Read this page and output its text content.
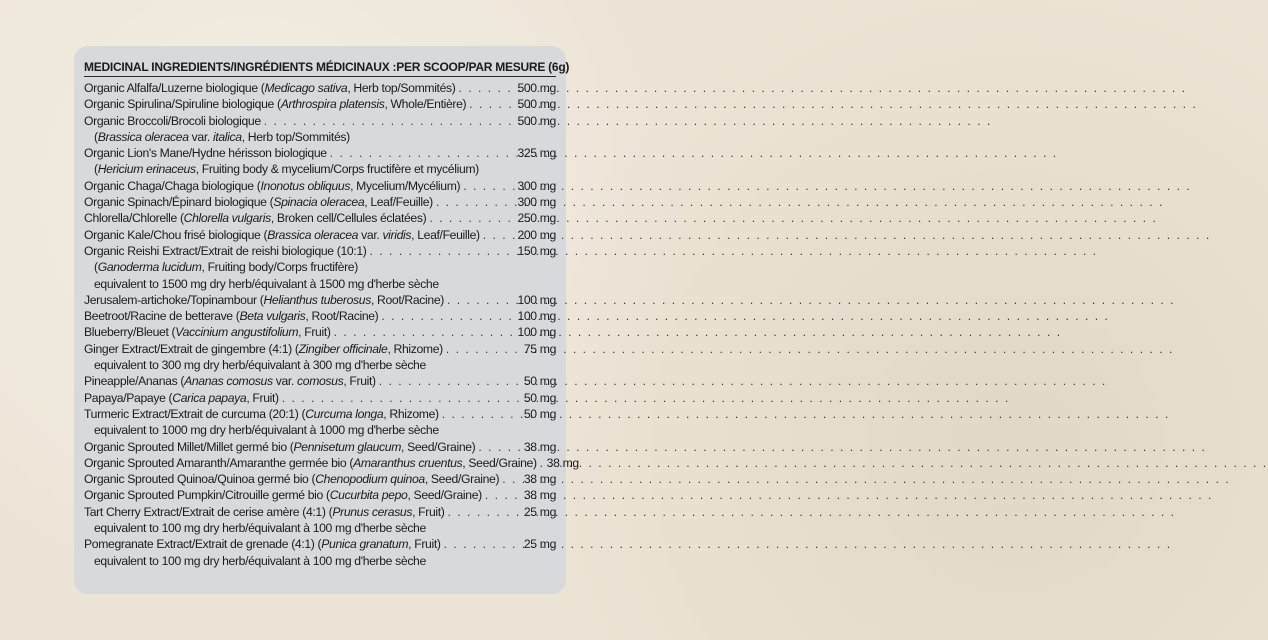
MEDICINAL INGREDIENTS/INGRÉDIENTS MÉDICINAUX : PER SCOOP/PAR MESURE (6g)
Organic Alfalfa/Luzerne biologique (Medicago sativa, Herb top/Sommités) . . .	500 mg
Organic Spirulina/Spiruline biologique (Arthrospira platensis, Whole/Entière) . . .	500 mg
Organic Broccoli/Brocoli biologique . . .	500 mg
(Brassica oleracea var. italica, Herb top/Sommités)
Organic Lion's Mane/Hydne hérisson biologique . . .	325 mg
(Hericium erinaceus, Fruiting body & mycelium/Corps fructifère et mycélium)
Organic Chaga/Chaga biologique (Inonotus obliquus, Mycelium/Mycélium) . . .	300 mg
Organic Spinach/Épinard biologique (Spinacia oleracea, Leaf/Feuille) . . .	300 mg
Chlorella/Chlorelle (Chlorella vulgaris, Broken cell/Cellules éclatées) . . .	250 mg
Organic Kale/Chou frisé biologique (Brassica oleracea var. viridis, Leaf/Feuille) . . .	200 mg
Organic Reishi Extract/Extrait de reishi biologique (10:1) . . .	150 mg
(Ganoderma lucidum, Fruiting body/Corps fructifère)
equivalent to 1500 mg dry herb/équivalant à 1500 mg d'herbe sèche
Jerusalem-artichoke/Topinambour (Helianthus tuberosus, Root/Racine) . . .	100 mg
Beetroot/Racine de betterave (Beta vulgaris, Root/Racine) . . .	100 mg
Blueberry/Bleuet (Vaccinium angustifolium, Fruit) . . .	100 mg
Ginger Extract/Extrait de gingembre (4:1) (Zingiber officinale, Rhizome) . . .	75 mg
equivalent to 300 mg dry herb/équivalant à 300 mg d'herbe sèche
Pineapple/Ananas (Ananas comosus var. comosus, Fruit) . . .	50 mg
Papaya/Papaye (Carica papaya, Fruit) . . .	50 mg
Turmeric Extract/Extrait de curcuma (20:1) (Curcuma longa, Rhizome) . . .	50 mg
equivalent to 1000 mg dry herb/équivalant à 1000 mg d'herbe sèche
Organic Sprouted Millet/Millet germé bio (Pennisetum glaucum, Seed/Graine) . . .	38 mg
Organic Sprouted Amaranth/Amaranthe germée bio (Amaranthus cruentus, Seed/Graine) . . . 38 mg
Organic Sprouted Quinoa/Quinoa germé bio (Chenopodium quinoa, Seed/Graine) . . . 38 mg
Organic Sprouted Pumpkin/Citrouille germé bio (Cucurbita pepo, Seed/Graine) . . .	38 mg
Tart Cherry Extract/Extrait de cerise amère (4:1) (Prunus cerasus, Fruit) . . .	25 mg
equivalent to 100 mg dry herb/équivalant à 100 mg d'herbe sèche
Pomegranate Extract/Extrait de grenade (4:1) (Punica granatum, Fruit) . . .	25 mg
equivalent to 100 mg dry herb/équivalant à 100 mg d'herbe sèche
